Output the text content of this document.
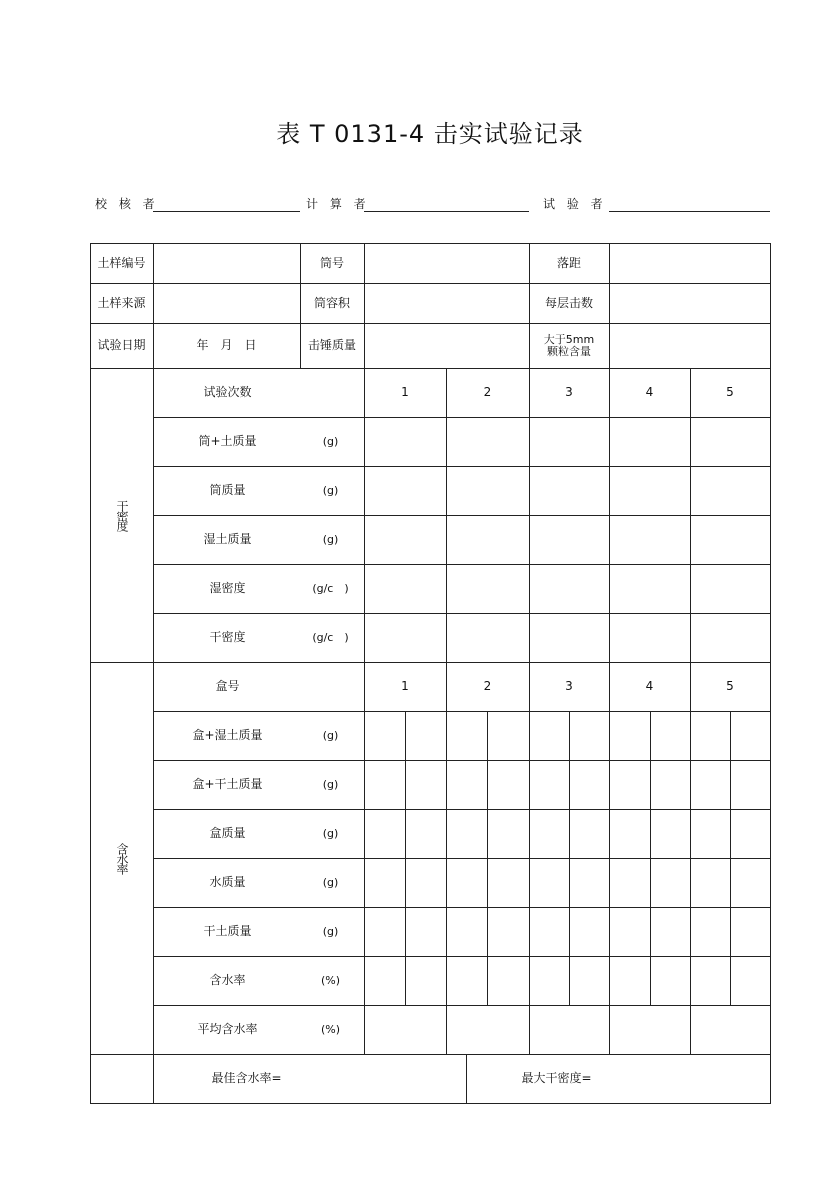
表 T 0131-4 击实试验记录
校 核 者	计 算 者	试 验 者
土样编号	筒号	落距
土样来源	筒容积	每层击数
试验日期	年　月　日	击锤质量	大于5mm
颗粒含量
干密度
试验次数	1	2	3	4	5
筒+土质量	(g)
筒质量	(g)
湿土质量	(g)
湿密度	(g/c　)
干密度	(g/c　)
含水率
盒号	1	2	3	4	5
盒+湿土质量	(g)
盒+干土质量	(g)
盒质量	(g)
水质量	(g)
干土质量	(g)
含水率	(%)
平均含水率	(%)
最佳含水率=	最大干密度=
